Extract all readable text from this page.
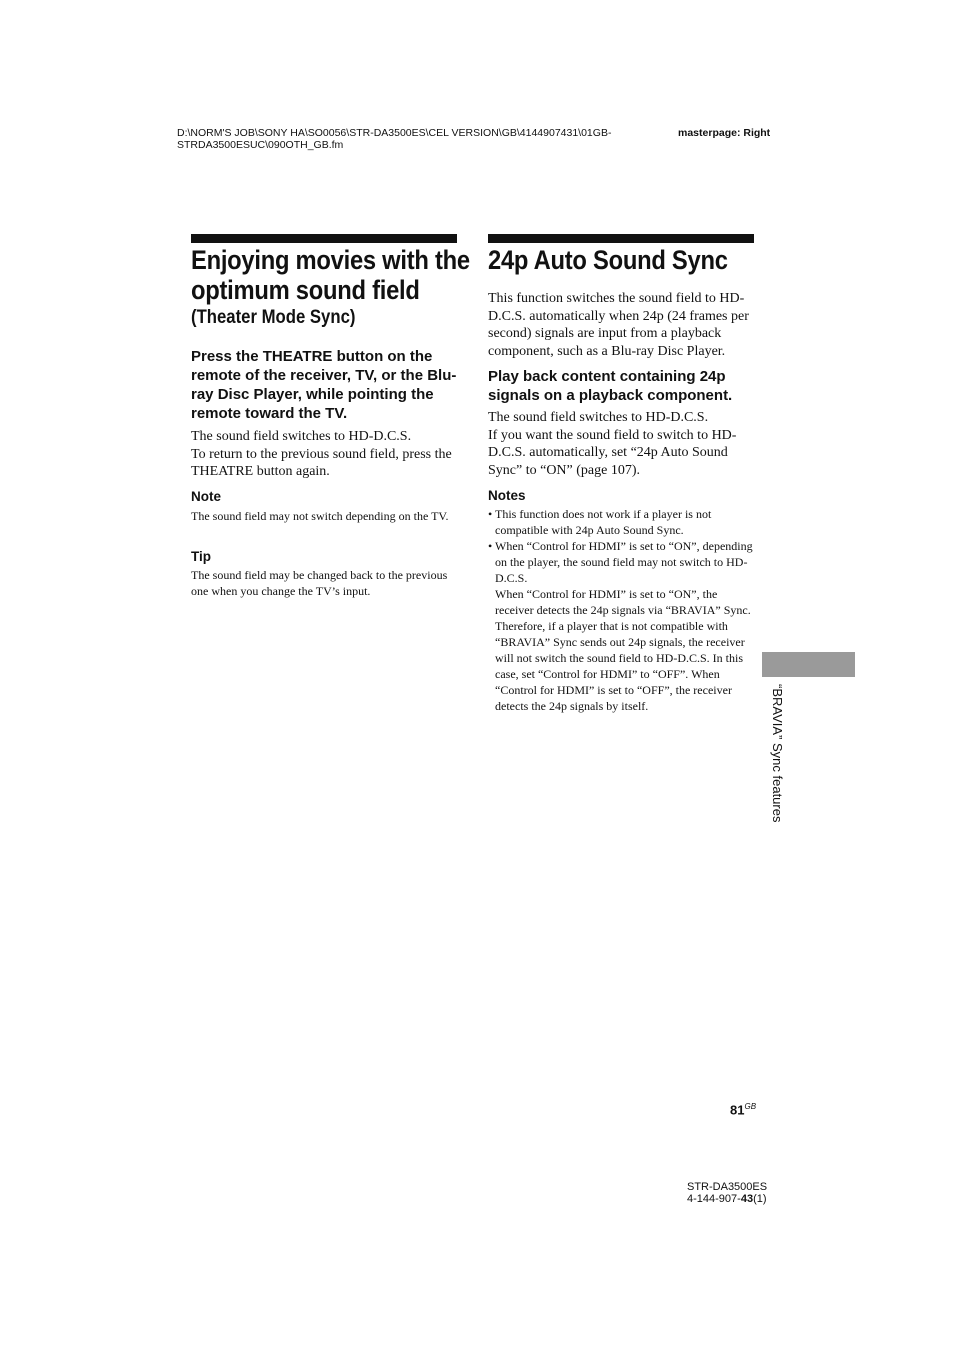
D:\NORM'S JOB\SONY HA\SO0056\STR-DA3500ES\CEL VERSION\GB\4144907431\01GB-
STRDA3500ESUC\090OTH_GB.fm
masterpage: Right
Enjoying movies with the
optimum sound field
(Theater Mode Sync)
Press the THEATRE button on the remote of the receiver, TV, or the Blu-ray Disc Player, while pointing the remote toward the TV.
The sound field switches to HD-D.C.S.
To return to the previous sound field, press the THEATRE button again.
Note
The sound field may not switch depending on the TV.
Tip
The sound field may be changed back to the previous one when you change the TV’s input.
24p Auto Sound Sync
This function switches the sound field to HD-D.C.S. automatically when 24p (24 frames per second) signals are input from a playback component, such as a Blu-ray Disc Player.
Play back content containing 24p signals on a playback component.
The sound field switches to HD-D.C.S.
If you want the sound field to switch to HD-D.C.S. automatically, set “24p Auto Sound Sync” to “ON” (page 107).
Notes
• This function does not work if a player is not compatible with 24p Auto Sound Sync.
• When “Control for HDMI” is set to “ON”, depending on the player, the sound field may not switch to HD-D.C.S.
When “Control for HDMI” is set to “ON”, the receiver detects the 24p signals via “BRAVIA” Sync. Therefore, if a player that is not compatible with “BRAVIA” Sync sends out 24p signals, the receiver will not switch the sound field to HD-D.C.S. In this case, set “Control for HDMI” to “OFF”. When “Control for HDMI” is set to “OFF”, the receiver detects the 24p signals by itself.	“BRAVIA” Sync features
$81^{GB}$
STR-DA3500ES
4-144-907-43(1)
